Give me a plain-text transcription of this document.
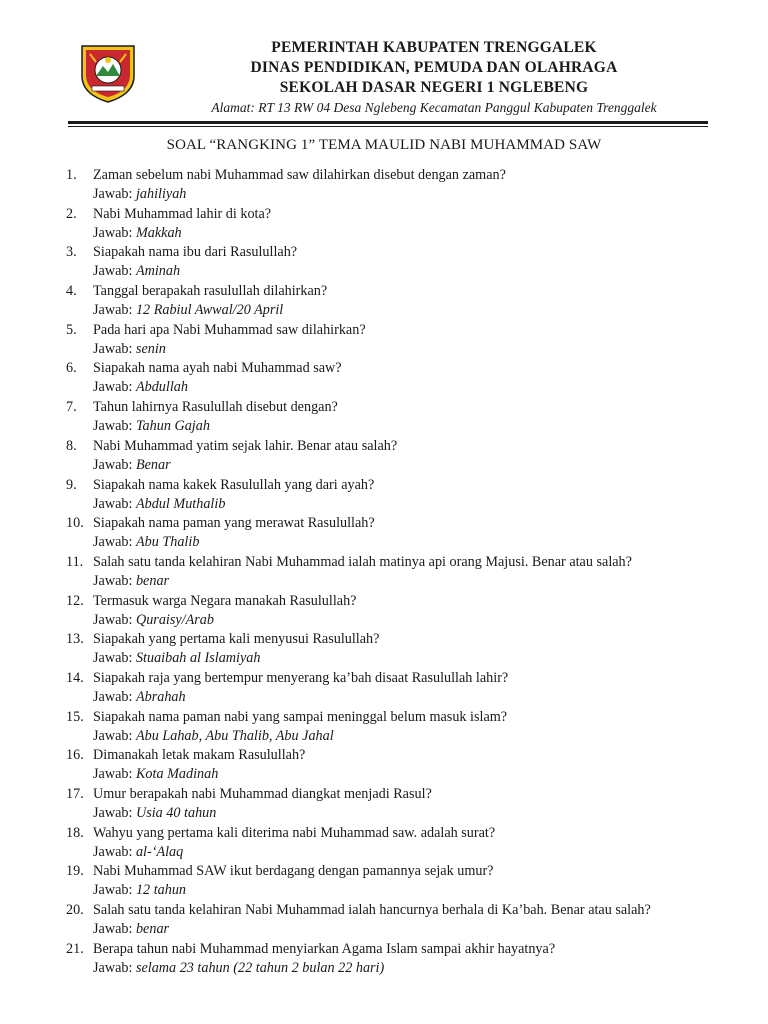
PEMERINTAH KABUPATEN TRENGGALEK
DINAS PENDIDIKAN, PEMUDA DAN OLAHRAGA
SEKOLAH DASAR NEGERI 1 NGLEBENG
Alamat: RT 13 RW 04 Desa Nglebeng Kecamatan Panggul Kabupaten Trenggalek
SOAL “RANGKING 1” TEMA MAULID NABI MUHAMMAD SAW
1.	Zaman sebelum nabi Muhammad saw dilahirkan disebut dengan zaman?
Jawab: jahiliyah
2.	Nabi Muhammad lahir di kota?
Jawab: Makkah
3.	Siapakah nama ibu dari Rasulullah?
Jawab: Aminah
4.	Tanggal berapakah rasulullah dilahirkan?
Jawab: 12 Rabiul Awwal/20 April
5.	Pada hari apa Nabi Muhammad saw dilahirkan?
Jawab: senin
6.	Siapakah nama ayah nabi Muhammad saw?
Jawab: Abdullah
7.	Tahun lahirnya Rasulullah disebut dengan?
Jawab: Tahun Gajah
8.	Nabi Muhammad yatim sejak lahir. Benar atau salah?
Jawab: Benar
9.	Siapakah nama kakek Rasulullah yang dari ayah?
Jawab: Abdul Muthalib
10. Siapakah nama paman yang merawat Rasulullah?
Jawab: Abu Thalib
11. Salah satu tanda kelahiran Nabi Muhammad ialah matinya api orang Majusi. Benar atau salah?
Jawab: benar
12. Termasuk warga Negara manakah Rasulullah?
Jawab: Quraisy/Arab
13. Siapakah yang pertama kali menyusui Rasulullah?
Jawab: Stuaibah al Islamiyah
14. Siapakah raja yang bertempur menyerang ka’bah disaat Rasulullah lahir?
Jawab: Abrahah
15. Siapakah nama paman nabi yang sampai meninggal belum masuk islam?
Jawab: Abu Lahab, Abu Thalib, Abu Jahal
16. Dimanakah letak makam Rasulullah?
Jawab: Kota Madinah
17. Umur berapakah nabi Muhammad diangkat menjadi Rasul?
Jawab: Usia 40 tahun
18. Wahyu yang pertama kali diterima nabi Muhammad saw. adalah surat?
Jawab: al-‘Alaq
19. Nabi Muhammad SAW ikut berdagang dengan pamannya sejak umur?
Jawab: 12 tahun
20. Salah satu tanda kelahiran Nabi Muhammad ialah hancurnya berhala di Ka’bah. Benar atau salah?
Jawab: benar
21. Berapa tahun nabi Muhammad menyiarkan Agama Islam sampai akhir hayatnya?
Jawab: selama 23 tahun (22 tahun 2 bulan 22 hari)
